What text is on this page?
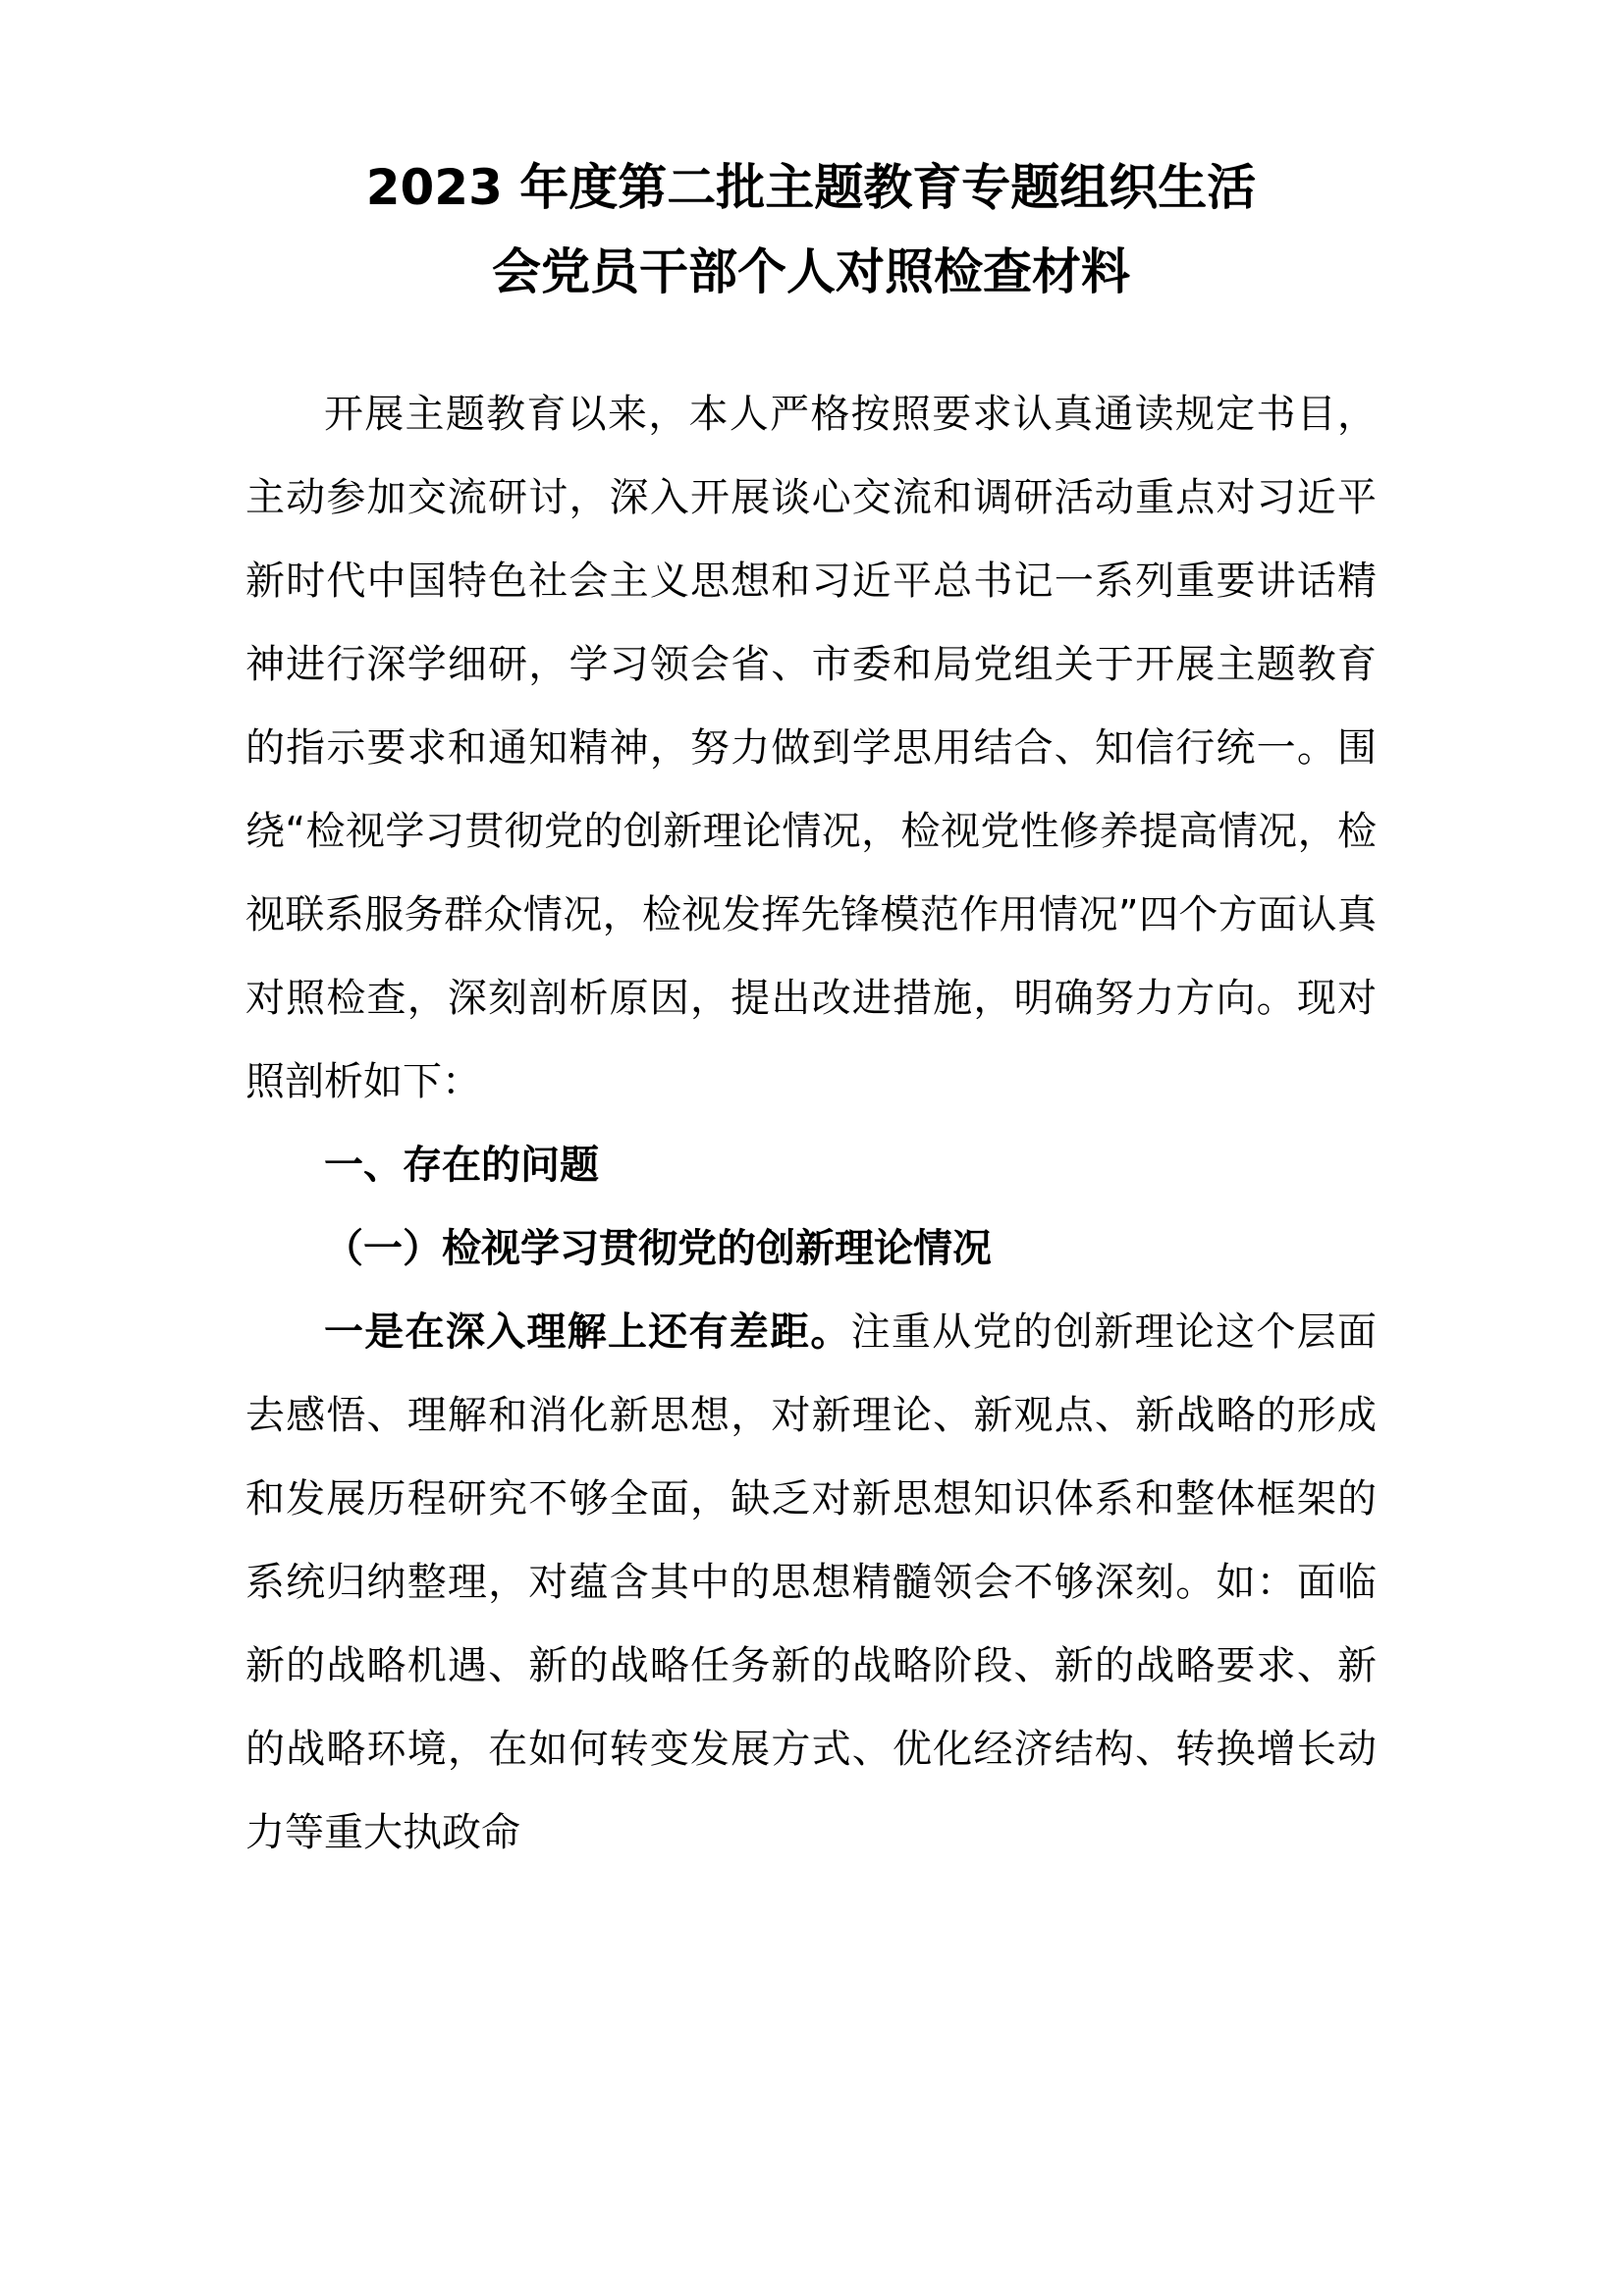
2023 年度第二批主题教育专题组织生活
会党员干部个人对照检查材料

开展主题教育以来，本人严格按照要求认真通读规定书目，主动参加交流研讨，深入开展谈心交流和调研活动重点对习近平新时代中国特色社会主义思想和习近平总书记一系列重要讲话精神进行深学细研，学习领会省、市委和局党组关于开展主题教育的指示要求和通知精神，努力做到学思用结合、知信行统一。围绕“检视学习贯彻党的创新理论情况，检视党性修养提高情况，检视联系服务群众情况，检视发挥先锋模范作用情况”四个方面认真对照检查，深刻剖析原因，提出改进措施，明确努力方向。现对照剖析如下：

一、存在的问题

（一）检视学习贯彻党的创新理论情况

一是在深入理解上还有差距。注重从党的创新理论这个层面去感悟、理解和消化新思想，对新理论、新观点、新战略的形成和发展历程研究不够全面，缺乏对新思想知识体系和整体框架的系统归纳整理，对蕴含其中的思想精髓领会不够深刻。如：面临新的战略机遇、新的战略任务新的战略阶段、新的战略要求、新的战略环境，在如何转变发展方式、优化经济结构、转换增长动力等重大执政命
